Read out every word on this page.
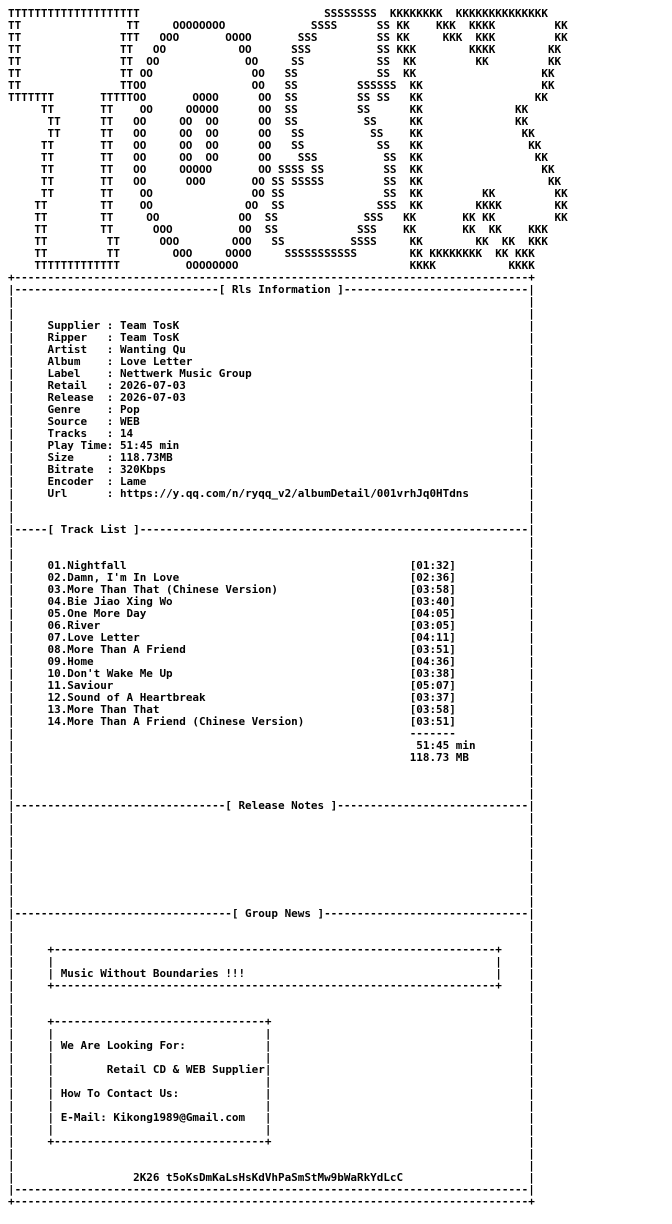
TTTTTTTTTTTTTTTTTTTT                            SSSSSSSS  KKKKKKKK  KKKKKKKKKKKKKK
TT                TT     OOOOOOOO             SSSS      SS KK    KKK  KKKK         KK
TT               TTT   OOO       OOOO       SSS         SS KK     KKK  KKK         KK
TT               TT   OO           OO      SSS          SS KKK        KKKK        KK
TT               TT  OO             OO     SS           SS  KK         KK         KK
TT               TT OO               OO   SS            SS  KK                   KK
TT               TTOO                OO   SS         SSSSSS  KK                  KK
TTTTTTT       TTTTTOO       OOOO      OO  SS         SS SS   KK                 KK
TT       TT    OO     OOOOO      OO  SS         SS      KK              KK
TT      TT   OO     OO  OO      OO  SS          SS     KK              KK
TT      TT   OO     OO  OO      OO   SS          SS    KK               KK
TT       TT   OO     OO  OO      OO   SS           SS   KK                KK
TT       TT   OO     OO  OO      OO    SSS          SS  KK                 KK
TT       TT   OO     OOOOO       OO SSSS SS         SS  KK                  KK
TT       TT   OO      OOO       OO SS SSSSS         SS  KK                   KK
TT       TT    OO               OO SS               SS  KK         KK         KK
TT        TT    OO              OO  SS              SSS  KK        KKKK        KK
TT        TT     OO            OO  SS             SSS   KK       KK KK         KK
TT        TT      OOO          OO  SS            SSS    KK       KK  KK    KKK
TT         TT      OOO        OOO   SS          SSSS     KK        KK  KK  KKK
TT         TT        OOO     OOOO     SSSSSSSSSSS        KK KKKKKKKK  KK KKK
TTTTTTTTTTTTT          OOOOOOOO                          KKKK           KKKK
+------------------------------------------------------------------------------+
|-------------------------------[ Rls Information ]----------------------------|
|	|
|	|
|	Supplier : Team TosK	|
|	Ripper   : Team TosK	|
|	Artist   : Wanting Qu	|
|	Album    : Love Letter	|
|	Label    : Nettwerk Music Group	|
|	Retail   : 2026-07-03	|
|	Release  : 2026-07-03	|
|	Genre    : Pop	|
|	Source   : WEB	|
|	Tracks   : 14	|
|	Play Time: 51:45 min	|
|	Size     : 118.73MB	|
|	Bitrate  : 320Kbps	|
|	Encoder  : Lame	|
|	Url      : https://y.qq.com/n/ryqq_v2/albumDetail/001vrhJq0HTdns	|
|	|
|	|
|-----[ Track List ]-----------------------------------------------------------|
|	|
|	|
|	01.Nightfall                                           [01:32]	|
|	02.Damn, I'm In Love                                   [02:36]	|
|	03.More Than That (Chinese Version)                    [03:58]	|
|	04.Bie Jiao Xing Wo                                    [03:40]	|
|	05.One More Day                                        [04:05]	|
|	06.River                                               [03:05]	|
|	07.Love Letter                                         [04:11]	|
|	08.More Than A Friend                                  [03:51]	|
|	09.Home                                                [04:36]	|
|	10.Don't Wake Me Up                                    [03:38]	|
|	11.Saviour                                             [05:07]	|
|	12.Sound of A Heartbreak                               [03:37]	|
|	13.More Than That                                      [03:58]	|
|	14.More Than A Friend (Chinese Version)                [03:51]	|
|	-------	|
|	51:45 min	|
|	118.73 MB	|
|	|
|	|
|	|
|--------------------------------[ Release Notes ]-----------------------------|
|	|
|	|
|	|
|	|
|	|
|	|
|	|
|	|
|---------------------------------[ Group News ]-------------------------------|
|	|
|	|
|	+-------------------------------------------------------------------+ |
|	|                                                                   | |
|	| Music Without Boundaries !!!                                      | |
|	+-------------------------------------------------------------------+ |
|	|
|	|
|	+--------------------------------+	|
|	|                                |	|
|	| We Are Looking For:            |	|
|	|                                |	|
|	|        Retail CD & WEB Supplier|	|
|	|                                |	|
|	| How To Contact Us:             |	|
|	|                                |	|
|	| E-Mail: Kikong1989@Gmail.com   |	|
|	|                                |	|
|	+--------------------------------+	|
|	|
|	|
|	2K26 t5oKsDmKaLsHsKdVhPaSmStMw9bWaRkYdLcC	|
|------------------------------------------------------------------------------|
+------------------------------------------------------------------------------+
